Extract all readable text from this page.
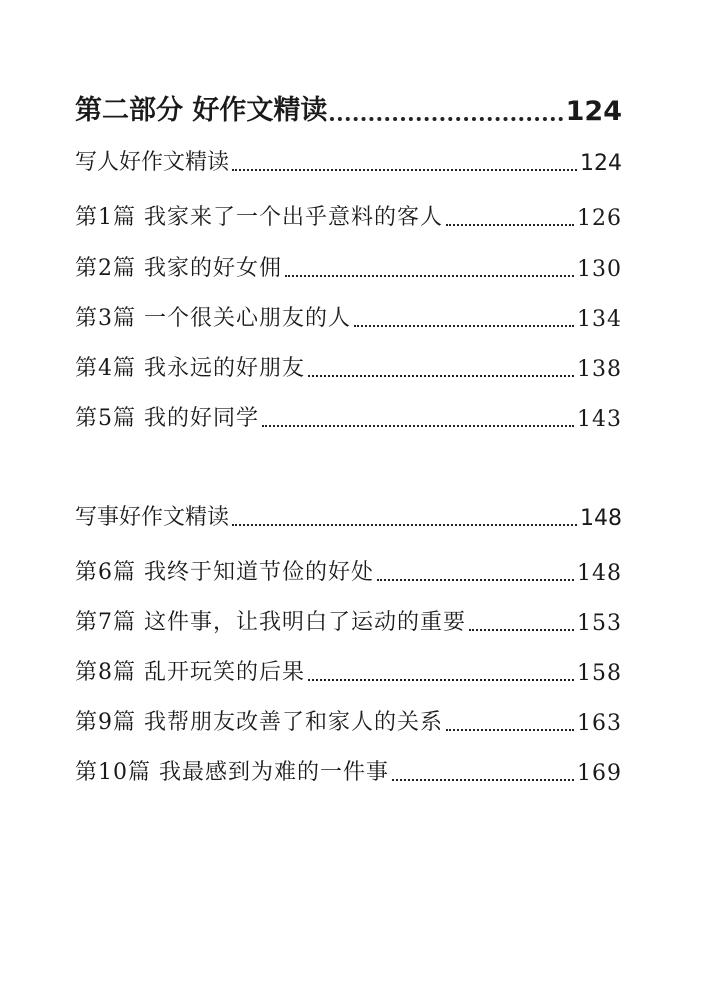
第二部分 好作文精读	124
写人好作文精读	124
第1篇 我家来了一个出乎意料的客人	126
第2篇 我家的好女佣	130
第3篇 一个很关心朋友的人	134
第4篇 我永远的好朋友	138
第5篇 我的好同学	143
写事好作文精读	148
第6篇 我终于知道节俭的好处	148
第7篇 这件事，让我明白了运动的重要	153
第8篇 乱开玩笑的后果	158
第9篇 我帮朋友改善了和家人的关系	163
第10篇 我最感到为难的一件事	169
